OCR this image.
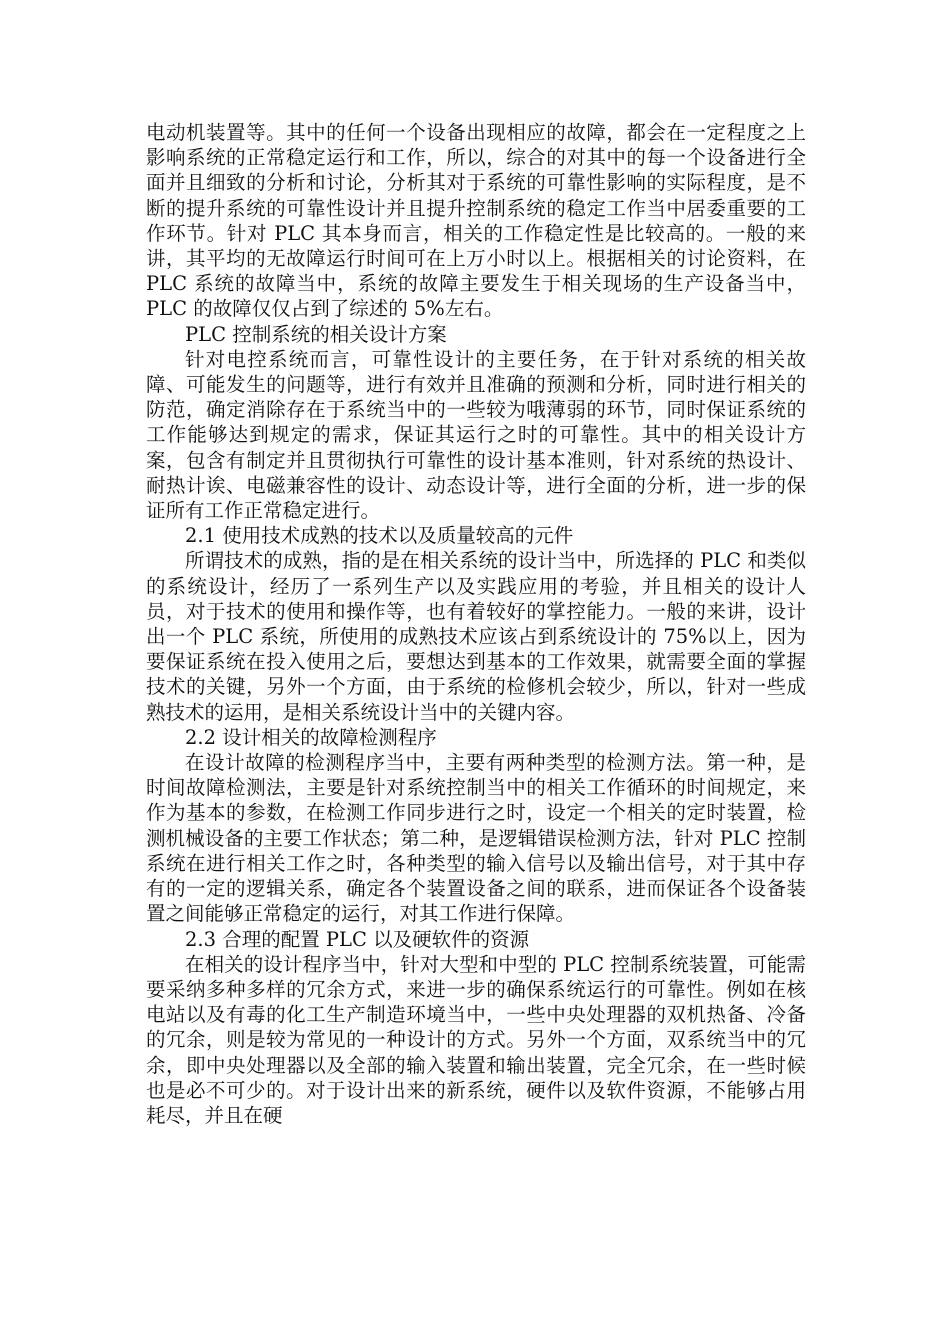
电动机装置等。其中的任何一个设备出现相应的故障，都会在一定程度之上影响系统的正常稳定运行和工作，所以，综合的对其中的每一个设备进行全面并且细致的分析和讨论，分析其对于系统的可靠性影响的实际程度，是不断的提升系统的可靠性设计并且提升控制系统的稳定工作当中居委重要的工作环节。针对 PLC 其本身而言，相关的工作稳定性是比较高的。一般的来讲，其平均的无故障运行时间可在上万小时以上。根据相关的讨论资料，在 PLC 系统的故障当中，系统的故障主要发生于相关现场的生产设备当中，PLC 的故障仅仅占到了综述的 5%左右。

PLC 控制系统的相关设计方案

针对电控系统而言，可靠性设计的主要任务，在于针对系统的相关故障、可能发生的问题等，进行有效并且准确的预测和分析，同时进行相关的防范，确定消除存在于系统当中的一些较为哦薄弱的环节，同时保证系统的工作能够达到规定的需求，保证其运行之时的可靠性。其中的相关设计方案，包含有制定并且贯彻执行可靠性的设计基本准则，针对系统的热设计、耐热计诶、电磁兼容性的设计、动态设计等，进行全面的分析，进一步的保证所有工作正常稳定进行。

2.1 使用技术成熟的技术以及质量较高的元件

所谓技术的成熟，指的是在相关系统的设计当中，所选择的 PLC 和类似的系统设计，经历了一系列生产以及实践应用的考验，并且相关的设计人员，对于技术的使用和操作等，也有着较好的掌控能力。一般的来讲，设计出一个 PLC 系统，所使用的成熟技术应该占到系统设计的 75%以上，因为要保证系统在投入使用之后，要想达到基本的工作效果，就需要全面的掌握技术的关键，另外一个方面，由于系统的检修机会较少，所以，针对一些成熟技术的运用，是相关系统设计当中的关键内容。

2.2 设计相关的故障检测程序

在设计故障的检测程序当中，主要有两种类型的检测方法。第一种，是时间故障检测法，主要是针对系统控制当中的相关工作循环的时间规定，来作为基本的参数，在检测工作同步进行之时，设定一个相关的定时装置，检测机械设备的主要工作状态；第二种，是逻辑错误检测方法，针对 PLC 控制系统在进行相关工作之时，各种类型的输入信号以及输出信号，对于其中存有的一定的逻辑关系，确定各个装置设备之间的联系，进而保证各个设备装置之间能够正常稳定的运行，对其工作进行保障。

2.3 合理的配置 PLC 以及硬软件的资源

在相关的设计程序当中，针对大型和中型的 PLC 控制系统装置，可能需要采纳多种多样的冗余方式，来进一步的确保系统运行的可靠性。例如在核电站以及有毒的化工生产制造环境当中，一些中央处理器的双机热备、冷备的冗余，则是较为常见的一种设计的方式。另外一个方面，双系统当中的冗余，即中央处理器以及全部的输入装置和输出装置，完全冗余，在一些时候也是必不可少的。对于设计出来的新系统，硬件以及软件资源，不能够占用耗尽，并且在硬
